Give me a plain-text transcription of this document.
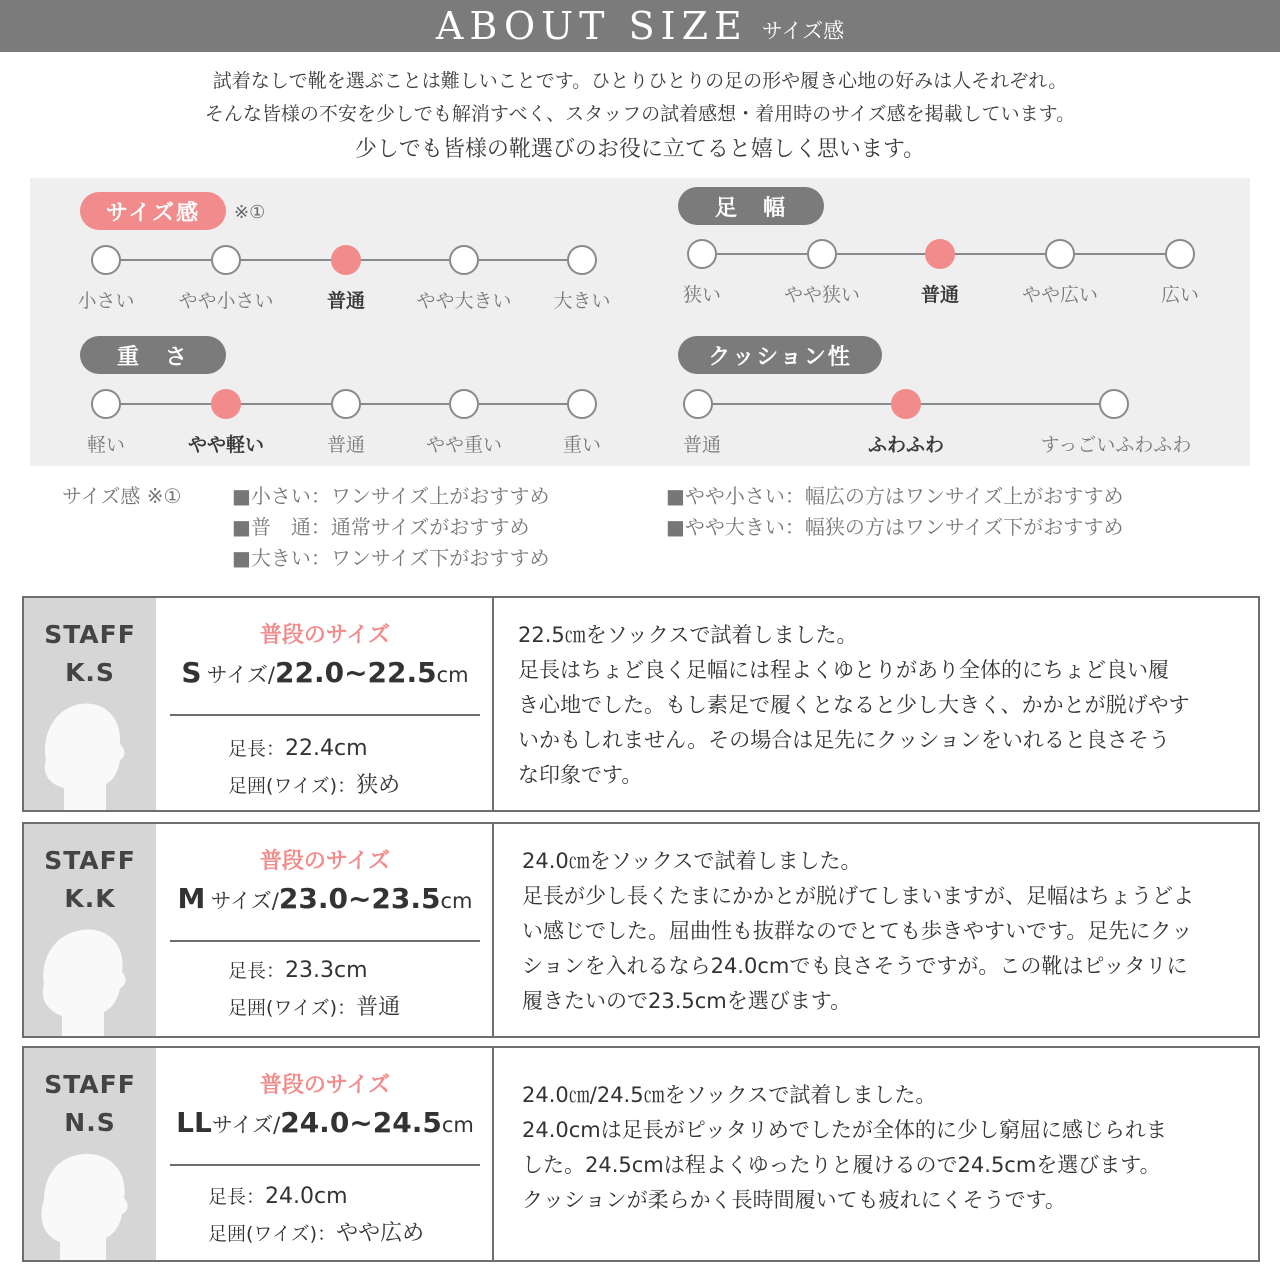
ABOUT SIZE サイズ感
試着なしで靴を選ぶことは難しいことです。ひとりひとりの足の形や履き心地の好みは人それぞれ。
そんな皆様の不安を少しでも解消すべく、スタッフの試着感想・着用時のサイズ感を掲載しています。
少しでも皆様の靴選びのお役に立てると嬉しく思います。
サイズ感	※①
小さい やや小さい	普通	やや大きい 大きい
足　幅
狭い	やや狭い	普通	やや広い	広い
重　さ
軽い	やや軽い	普通	やや重い	重い
クッション性
普通	ふわふわ	すっごいふわふわ
サイズ感 ※①	■小さい：ワンサイズ上がおすすめ
■普　通：通常サイズがおすすめ
■大きい：ワンサイズ下がおすすめ
■やや小さい：幅広の方はワンサイズ上がおすすめ
■やや大きい：幅狭の方はワンサイズ下がおすすめ
STAFF
K.S
普段のサイズ
S サイズ/22.0~22.5cm
足長：22.4cm
足囲(ワイズ)：狭め
22.5㎝をソックスで試着しました。
足長はちょど良く足幅には程よくゆとりがあり全体的にちょど良い履
き心地でした。もし素足で履くとなると少し大きく、かかとが脱げやす
いかもしれません。その場合は足先にクッションをいれると良さそう
な印象です。
STAFF
K.K
普段のサイズ
M サイズ/23.0~23.5cm
足長：23.3cm
足囲(ワイズ)：普通
24.0㎝をソックスで試着しました。
足長が少し長くたまにかかとが脱げてしまいますが、足幅はちょうどよ
い感じでした。屈曲性も抜群なのでとても歩きやすいです。足先にクッ
ションを入れるなら24.0cmでも良さそうですが。この靴はピッタリに
履きたいので23.5cmを選びます。
STAFF
N.S
普段のサイズ
LLサイズ/24.0~24.5cm
足長：24.0cm
足囲(ワイズ)：やや広め
24.0㎝/24.5㎝をソックスで試着しました。
24.0cmは足長がピッタリめでしたが全体的に少し窮屈に感じられま
した。24.5cmは程よくゆったりと履けるので24.5cmを選びます。
クッションが柔らかく長時間履いても疲れにくそうです。
